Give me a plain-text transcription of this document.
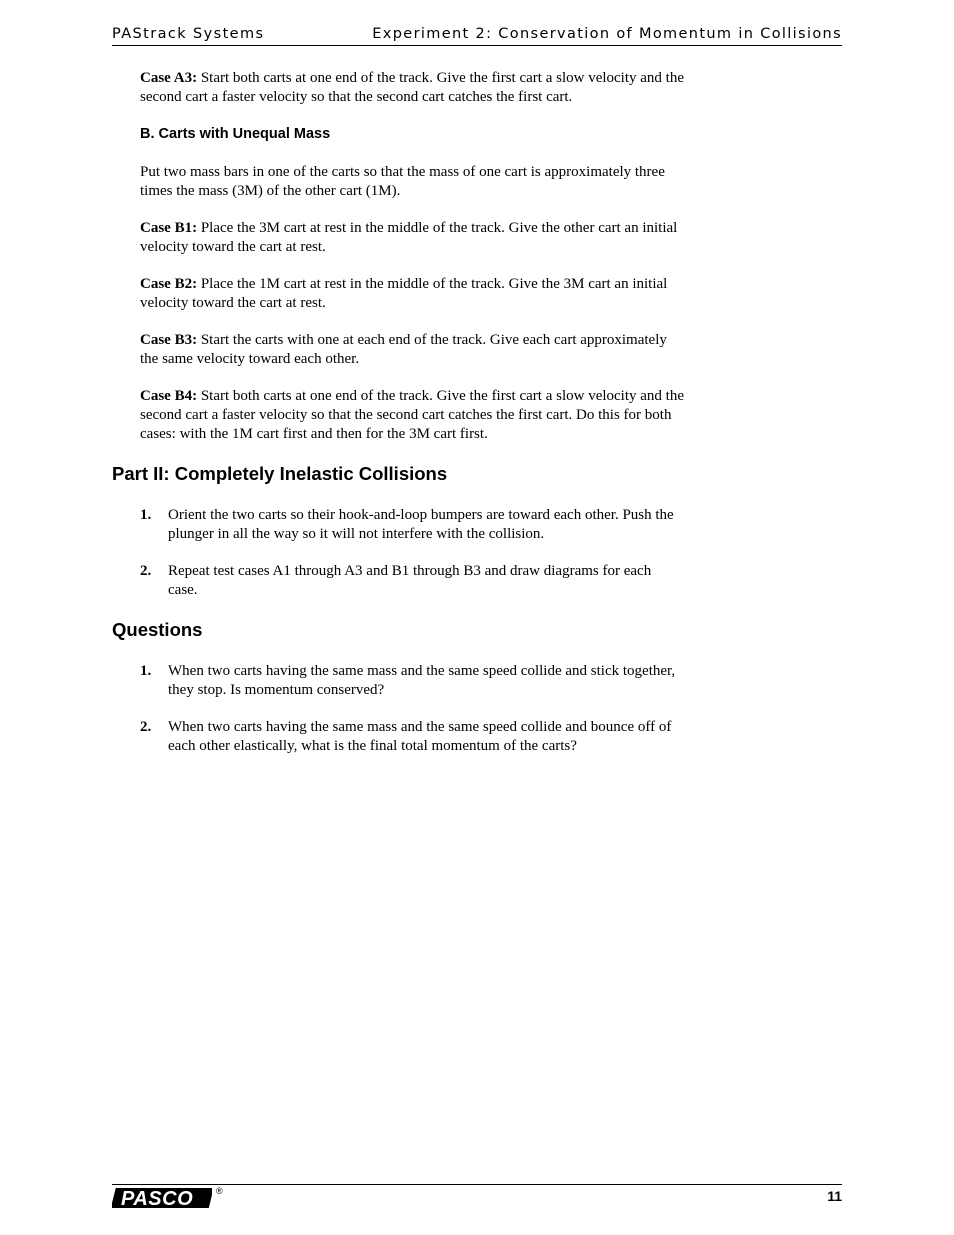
PAStrack Systems	Experiment 2: Conservation of Momentum in Collisions
Case A3: Start both carts at one end of the track. Give the first cart a slow velocity and the second cart a faster velocity so that the second cart catches the first cart.
B. Carts with Unequal Mass
Put two mass bars in one of the carts so that the mass of one cart is approximately three times the mass (3M) of the other cart (1M).
Case B1: Place the 3M cart at rest in the middle of the track. Give the other cart an initial velocity toward the cart at rest.
Case B2: Place the 1M cart at rest in the middle of the track. Give the 3M cart an initial velocity toward the cart at rest.
Case B3: Start the carts with one at each end of the track. Give each cart approximately the same velocity toward each other.
Case B4: Start both carts at one end of the track. Give the first cart a slow velocity and the second cart a faster velocity so that the second cart catches the first cart. Do this for both cases: with the 1M cart first and then for the 3M cart first.
Part II: Completely Inelastic Collisions
1. Orient the two carts so their hook-and-loop bumpers are toward each other. Push the plunger in all the way so it will not interfere with the collision.
2. Repeat test cases A1 through A3 and B1 through B3 and draw diagrams for each case.
Questions
1. When two carts having the same mass and the same speed collide and stick together, they stop. Is momentum conserved?
2. When two carts having the same mass and the same speed collide and bounce off of each other elastically, what is the final total momentum of the carts?
PASCO	®	11
